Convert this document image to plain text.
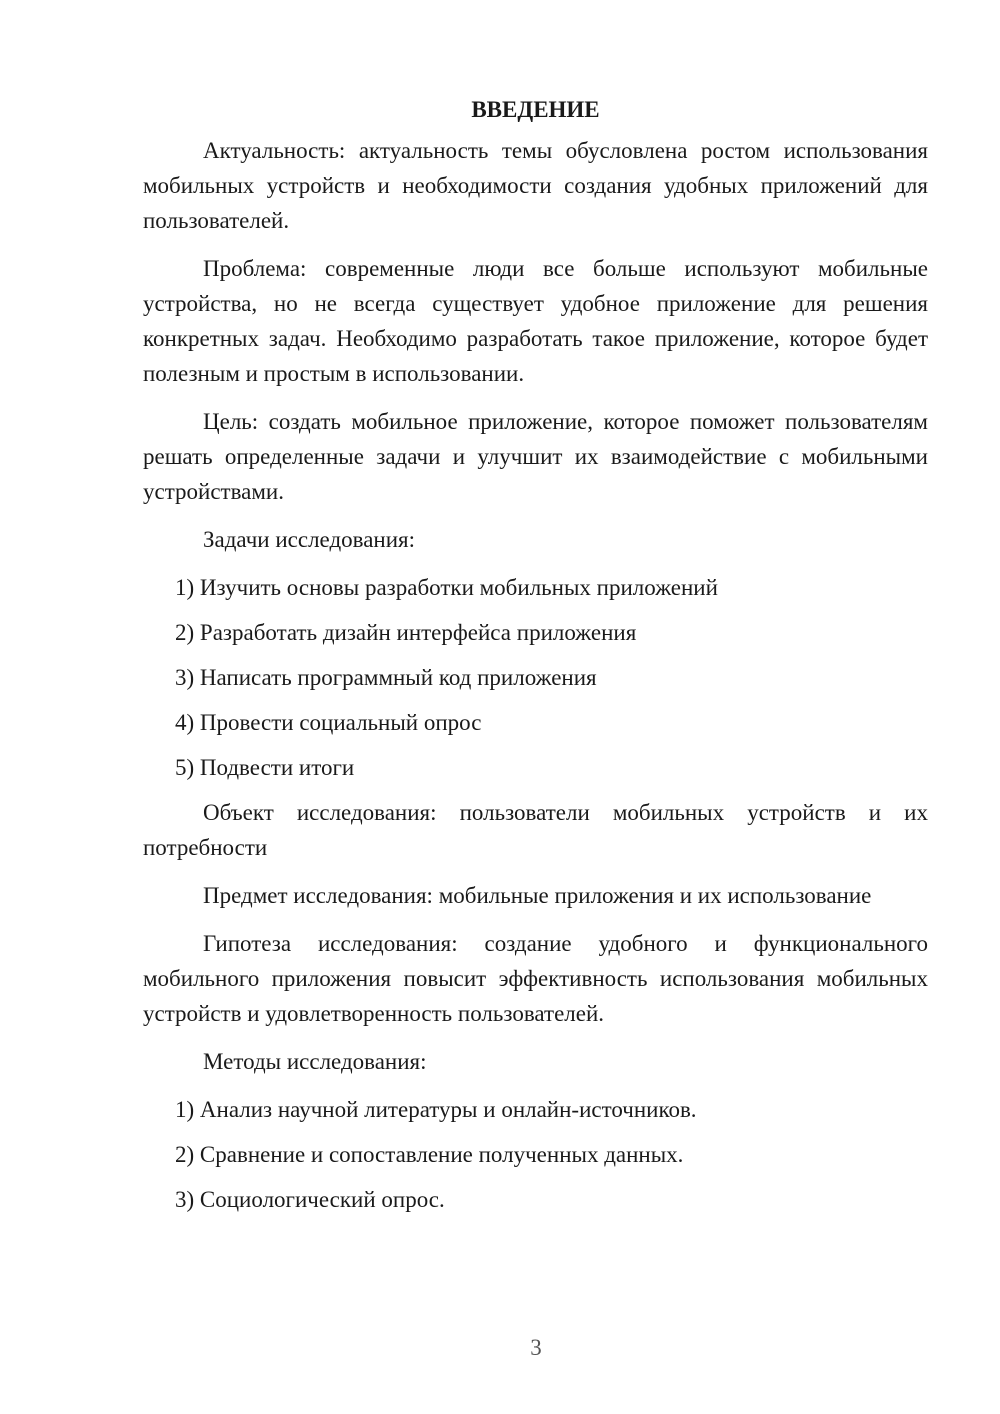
ВВЕДЕНИЕ

Актуальность: актуальность темы обусловлена ростом использования мобильных устройств и необходимости создания удобных приложений для пользователей.

Проблема: современные люди все больше используют мобильные устройства, но не всегда существует удобное приложение для решения конкретных задач. Необходимо разработать такое приложение, которое будет полезным и простым в использовании.

Цель: создать мобильное приложение, которое поможет пользователям решать определенные задачи и улучшит их взаимодействие с мобильными устройствами.

Задачи исследования:

1) Изучить основы разработки мобильных приложений
2) Разработать дизайн интерфейса приложения
3) Написать программный код приложения
4) Провести социальный опрос
5) Подвести итоги

Объект исследования: пользователи мобильных устройств и их потребности

Предмет исследования: мобильные приложения и их использование

Гипотеза исследования: создание удобного и функционального мобильного приложения повысит эффективность использования мобильных устройств и удовлетворенность пользователей.

Методы исследования:

1) Анализ научной литературы и онлайн-источников.
2) Сравнение и сопоставление полученных данных.
3) Социологический опрос.
3
